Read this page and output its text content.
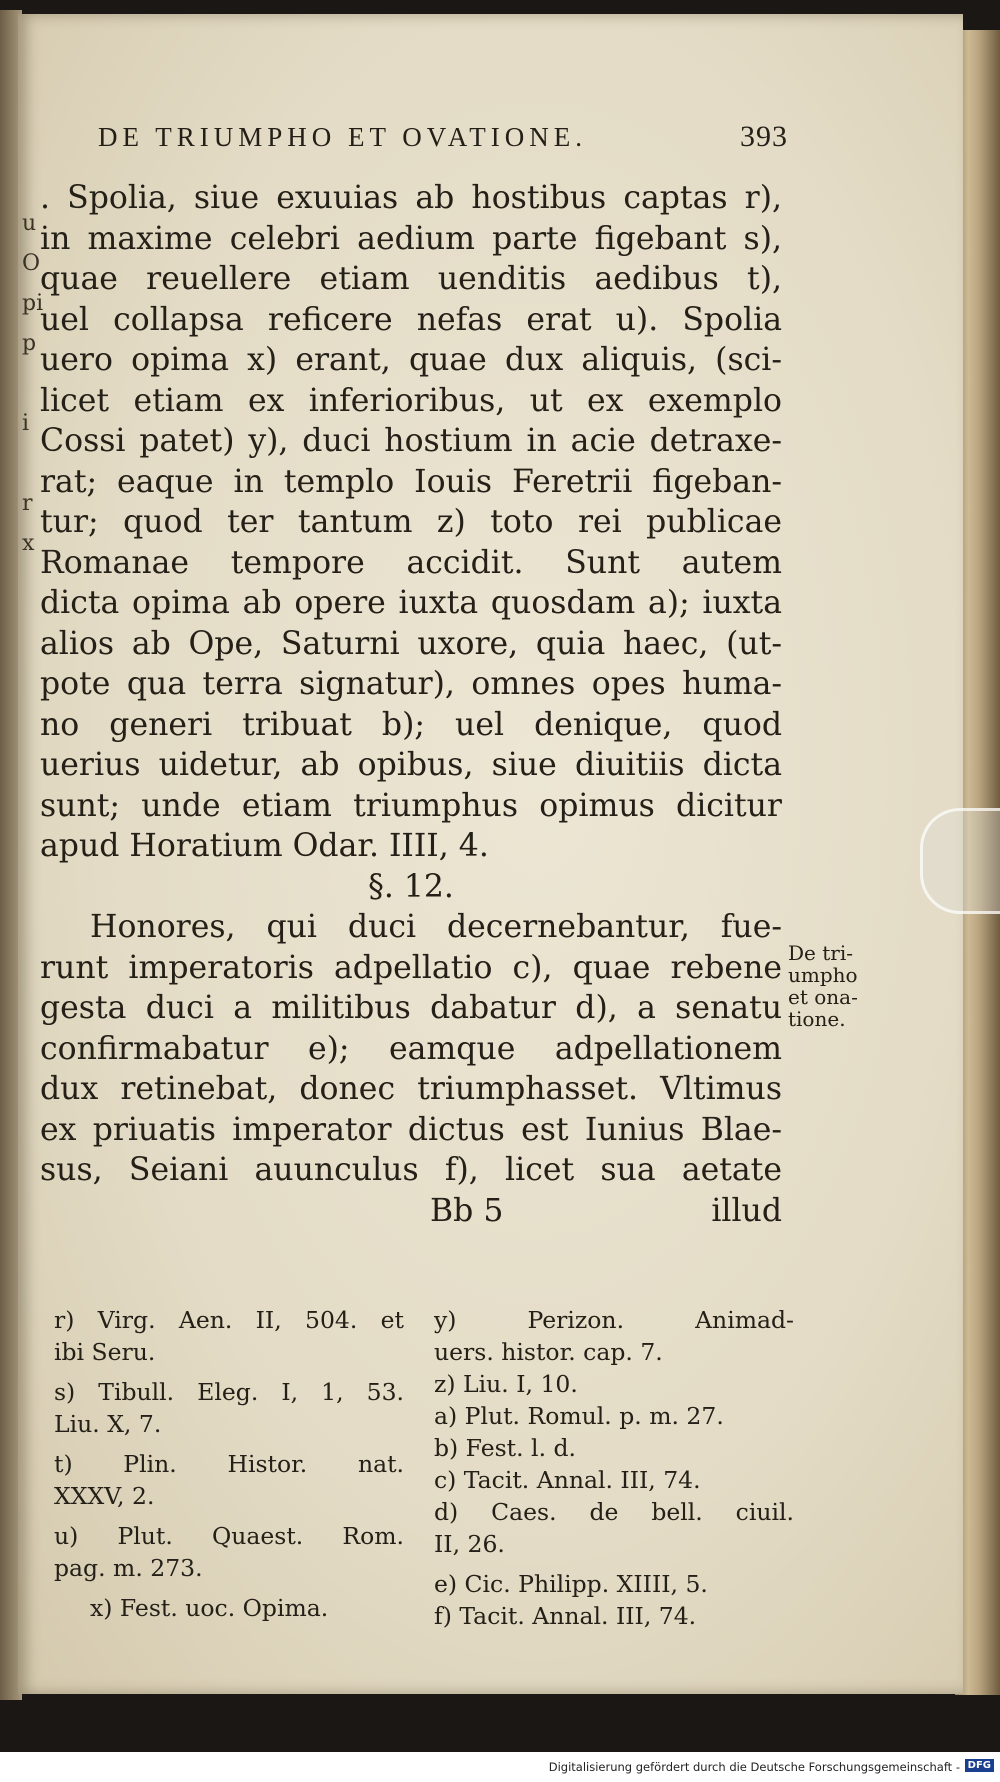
u
O
pi
p

i

r
x
DE TRIUMPHO ET OVATIONE.	393
. Spolia, siue exuuias ab hostibus captas r),
in maxime celebri aedium parte figebant s),
quae reuellere etiam uenditis aedibus t),
uel collapsa reficere nefas erat u). Spolia
uero opima x) erant, quae dux aliquis, (sci-
licet etiam ex inferioribus, ut ex exemplo
Cossi patet) y), duci hostium in acie detraxe-
rat; eaque in templo Iouis Feretrii figeban-
tur; quod ter tantum z) toto rei publicae
Romanae tempore accidit. Sunt autem
dicta opima ab opere iuxta quosdam a); iuxta
alios ab Ope, Saturni uxore, quia haec, (ut-
pote qua terra signatur), omnes opes huma-
no generi tribuat b); uel denique, quod
uerius uidetur, ab opibus, siue diuitiis dicta
sunt; unde etiam triumphus opimus dicitur
apud Horatium Odar. IIII, 4.
§. 12.
Honores, qui duci decernebantur, fue-
runt imperatoris adpellatio c), quae rebene
gesta duci a militibus dabatur d), a senatu
confirmabatur e); eamque adpellationem
dux retinebat, donec triumphasset. Vltimus
ex priuatis imperator dictus est Iunius Blae-
sus, Seiani auunculus f), licet sua aetate
Bb 5	illud
De tri-
umpho
et ona-
tione.
r) Virg. Aen. II, 504. et
ibi Seru.
s) Tibull. Eleg. I, 1, 53.
Liu. X, 7.
t) Plin. Histor. nat.
XXXV, 2.
u) Plut. Quaest. Rom.
pag. m. 273.
x) Fest. uoc. Opima.
y) Perizon. Animad-
uers. histor. cap. 7.
z) Liu. I, 10.
a) Plut. Romul. p. m. 27.
b) Fest. l. d.
c) Tacit. Annal. III, 74.
d) Caes. de bell. ciuil.
II, 26.
e) Cic. Philipp. XIIII, 5.
f) Tacit. Annal. III, 74.
Digitalisierung gefördert durch die Deutsche Forschungsgemeinschaft - DFG
